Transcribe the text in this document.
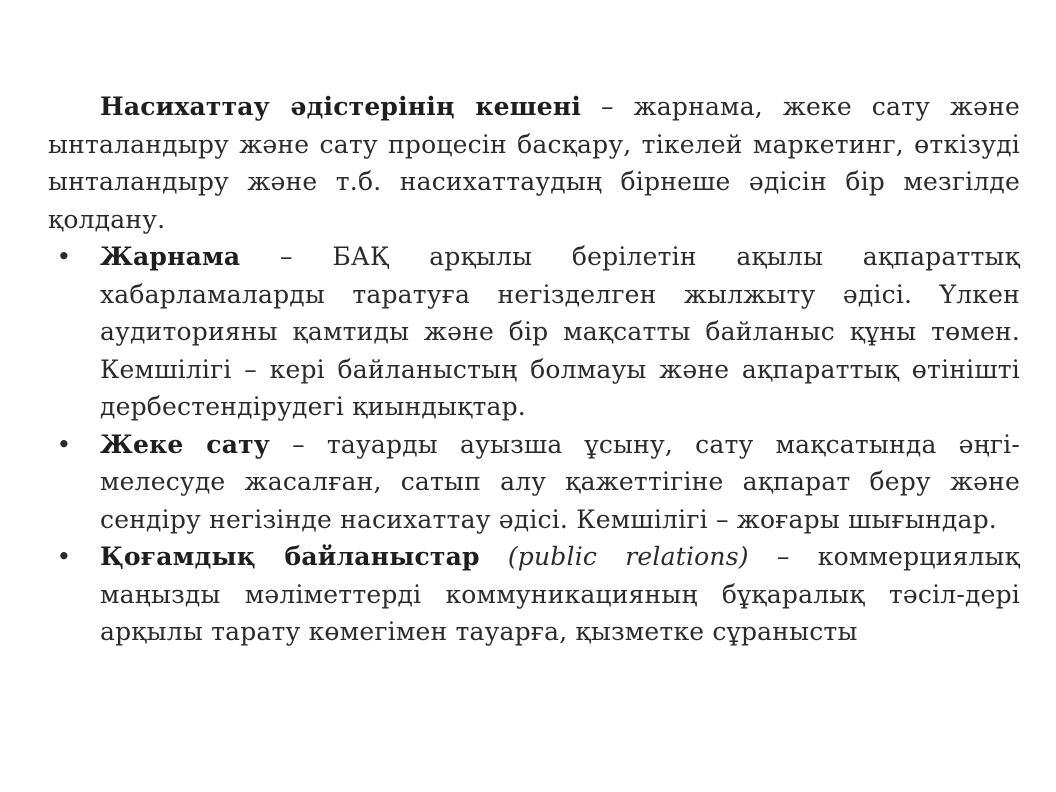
Насихаттау әдістерінің кешені – жарнама, жеке сату және ынталандыру және сату процесін басқару, тікелей маркетинг, өткізуді ынталандыру және т.б. насихаттаудың бірнеше әдісін бір мезгілде қолдану.

• Жарнама – БАҚ арқылы берілетін ақылы ақпараттық хабарламаларды таратуға негізделген жылжыту әдісі. Үлкен аудиторияны қамтиды және бір мақсатты байланыс құны төмен. Кемшілігі – кері байланыстың болмауы және ақпараттық өтінішті дербестендірудегі қиындықтар.
• Жеке сату – тауарды ауызша ұсыну, сату мақсатында әңгі-мелесуде жасалған, сатып алу қажеттігіне ақпарат беру және сендіру негізінде насихаттау әдісі. Кемшілігі – жоғары шығындар.
• Қоғамдық байланыстар (public relations) – коммерциялық маңызды мәліметтерді коммуникацияның бұқаралық тәсіл-дері арқылы тарату көмегімен тауарға, қызметке сұранысты
